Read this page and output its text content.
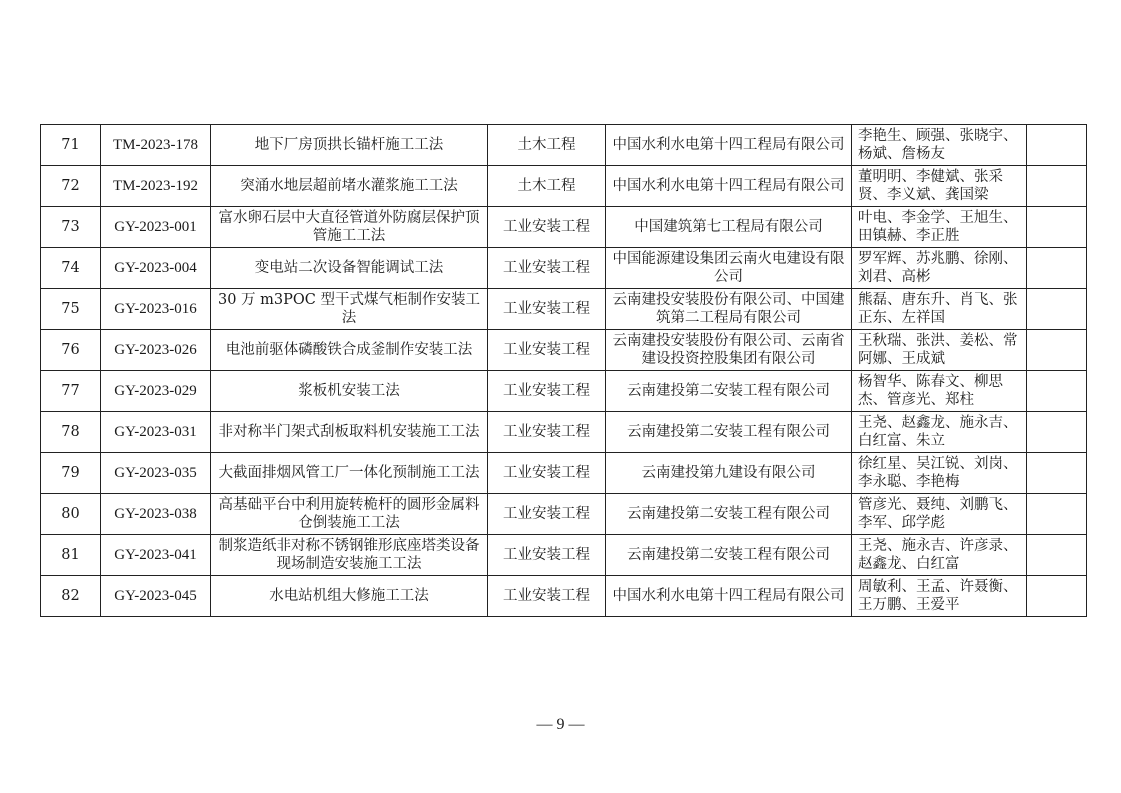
71	TM-2023-178	地下厂房顶拱长锚杆施工工法	土木工程	中国水利水电第十四工程局有限公司	李艳生、顾强、张晓宇、杨斌、詹杨友	
72	TM-2023-192	突涌水地层超前堵水灌浆施工工法	土木工程	中国水利水电第十四工程局有限公司	董明明、李健斌、张采贤、李义斌、龚国梁	
73	GY-2023-001	富水卵石层中大直径管道外防腐层保护顶管施工工法	工业安装工程	中国建筑第七工程局有限公司	叶电、李金学、王旭生、田镇赫、李正胜	
74	GY-2023-004	变电站二次设备智能调试工法	工业安装工程	中国能源建设集团云南火电建设有限公司	罗军辉、苏兆鹏、徐刚、刘君、高彬	
75	GY-2023-016	30 万 m3POC 型干式煤气柜制作安装工法	工业安装工程	云南建投安装股份有限公司、中国建筑第二工程局有限公司	熊磊、唐东升、肖飞、张正东、左祥国	
76	GY-2023-026	电池前驱体磷酸铁合成釜制作安装工法	工业安装工程	云南建投安装股份有限公司、云南省建设投资控股集团有限公司	王秋瑞、张洪、姜松、常阿娜、王成斌	
77	GY-2023-029	浆板机安装工法	工业安装工程	云南建投第二安装工程有限公司	杨智华、陈春文、柳思杰、管彦光、郑柱	
78	GY-2023-031	非对称半门架式刮板取料机安装施工工法	工业安装工程	云南建投第二安装工程有限公司	王尧、赵鑫龙、施永吉、白红富、朱立	
79	GY-2023-035	大截面排烟风管工厂一体化预制施工工法	工业安装工程	云南建投第九建设有限公司	徐红星、吴江锐、刘岗、李永聪、李艳梅	
80	GY-2023-038	高基础平台中利用旋转桅杆的圆形金属料仓倒装施工工法	工业安装工程	云南建投第二安装工程有限公司	管彦光、聂纯、刘鹏飞、李军、邱学彪	
81	GY-2023-041	制浆造纸非对称不锈钢锥形底座塔类设备现场制造安装施工工法	工业安装工程	云南建投第二安装工程有限公司	王尧、施永吉、许彦录、赵鑫龙、白红富	
82	GY-2023-045	水电站机组大修施工工法	工业安装工程	中国水利水电第十四工程局有限公司	周敏利、王孟、许聂衡、王万鹏、王爱平	
— 9 —
